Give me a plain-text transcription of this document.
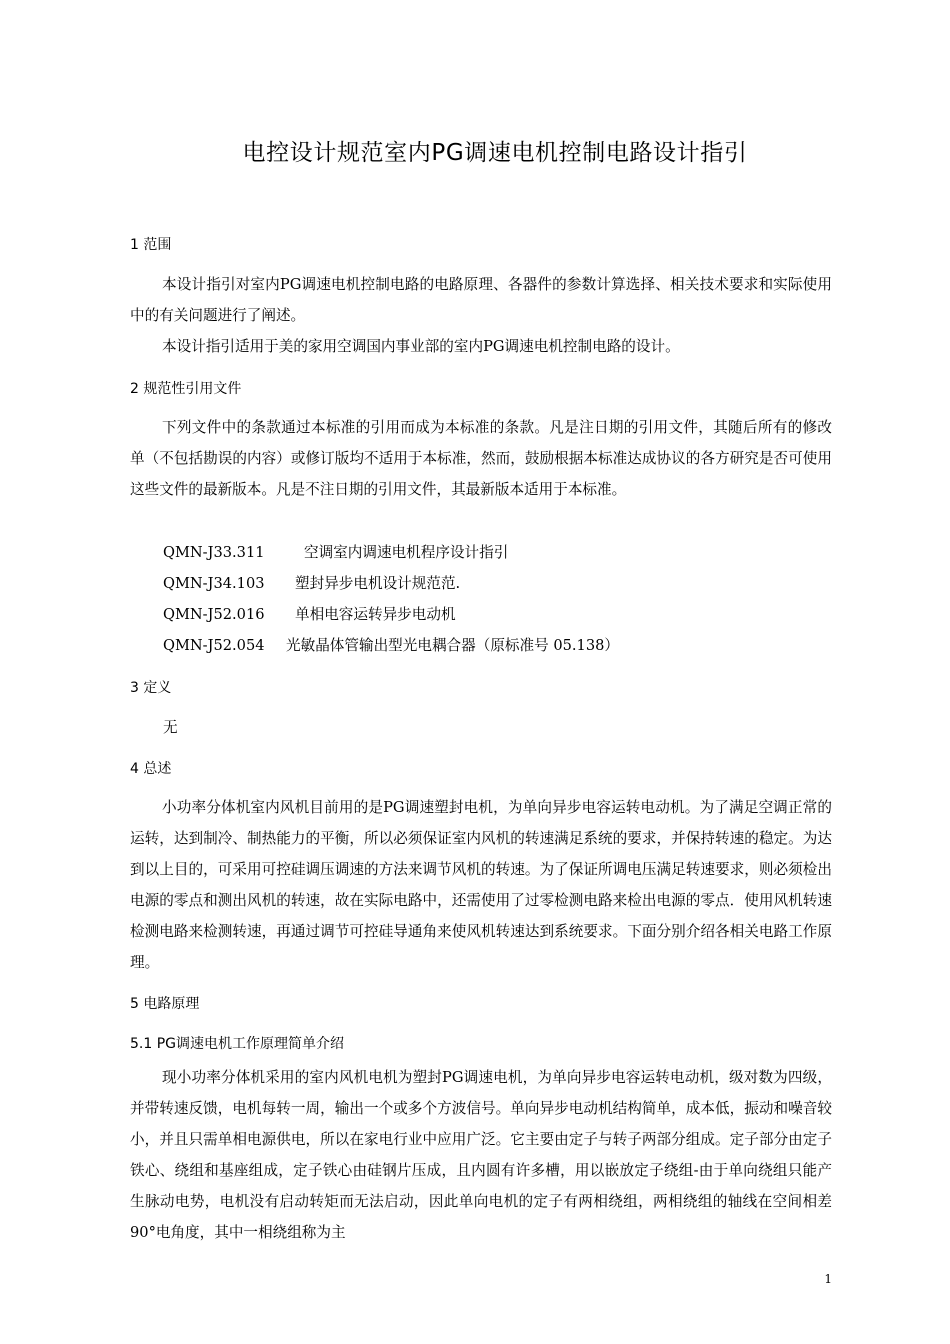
电控设计规范室内PG调速电机控制电路设计指引
1 范围
本设计指引对室内PG调速电机控制电路的电路原理、各器件的参数计算选择、相关技术要求和实际使用中的有关问题进行了阐述。
本设计指引适用于美的家用空调国内事业部的室内PG调速电机控制电路的设计。
2 规范性引用文件
下列文件中的条款通过本标准的引用而成为本标准的条款。凡是注日期的引用文件，其随后所有的修改单（不包括勘误的内容）或修订版均不适用于本标准，然而，鼓励根据本标准达成协议的各方研究是否可使用这些文件的最新版本。凡是不注日期的引用文件，其最新版本适用于本标准。
QMN-J33.311	空调室内调速电机程序设计指引
QMN-J34.103 塑封异步电机设计规范范.
QMN-J52.016 单相电容运转异步电动机
QMN-J52.054 光敏晶体管输出型光电耦合器（原标准号 05.138）
3 定义
无
4 总述
小功率分体机室内风机目前用的是PG调速塑封电机，为单向异步电容运转电动机。为了满足空调正常的运转，达到制冷、制热能力的平衡，所以必须保证室内风机的转速满足系统的要求，并保持转速的稳定。为达到以上目的，可采用可控硅调压调速的方法来调节风机的转速。为了保证所调电压满足转速要求，则必须检出电源的零点和测出风机的转速，故在实际电路中，还需使用了过零检测电路来检出电源的零点．使用风机转速检测电路来检测转速，再通过调节可控硅导通角来使风机转速达到系统要求。下面分别介绍各相关电路工作原理。
5 电路原理
5.1 PG调速电机工作原理简单介绍
现小功率分体机采用的室内风机电机为塑封PG调速电机，为单向异步电容运转电动机，级对数为四级，并带转速反馈，电机每转一周，输出一个或多个方波信号。单向异步电动机结构简单，成本低，振动和噪音较小，并且只需单相电源供电，所以在家电行业中应用广泛。它主要由定子与转子两部分组成。定子部分由定子铁心、绕组和基座组成，定子铁心由硅钢片压成，且内圆有许多槽，用以嵌放定子绕组-由于单向绕组只能产生脉动电势，电机没有启动转矩而无法启动，因此单向电机的定子有两相绕组，两相绕组的轴线在空间相差90°电角度，其中一相绕组称为主
1
